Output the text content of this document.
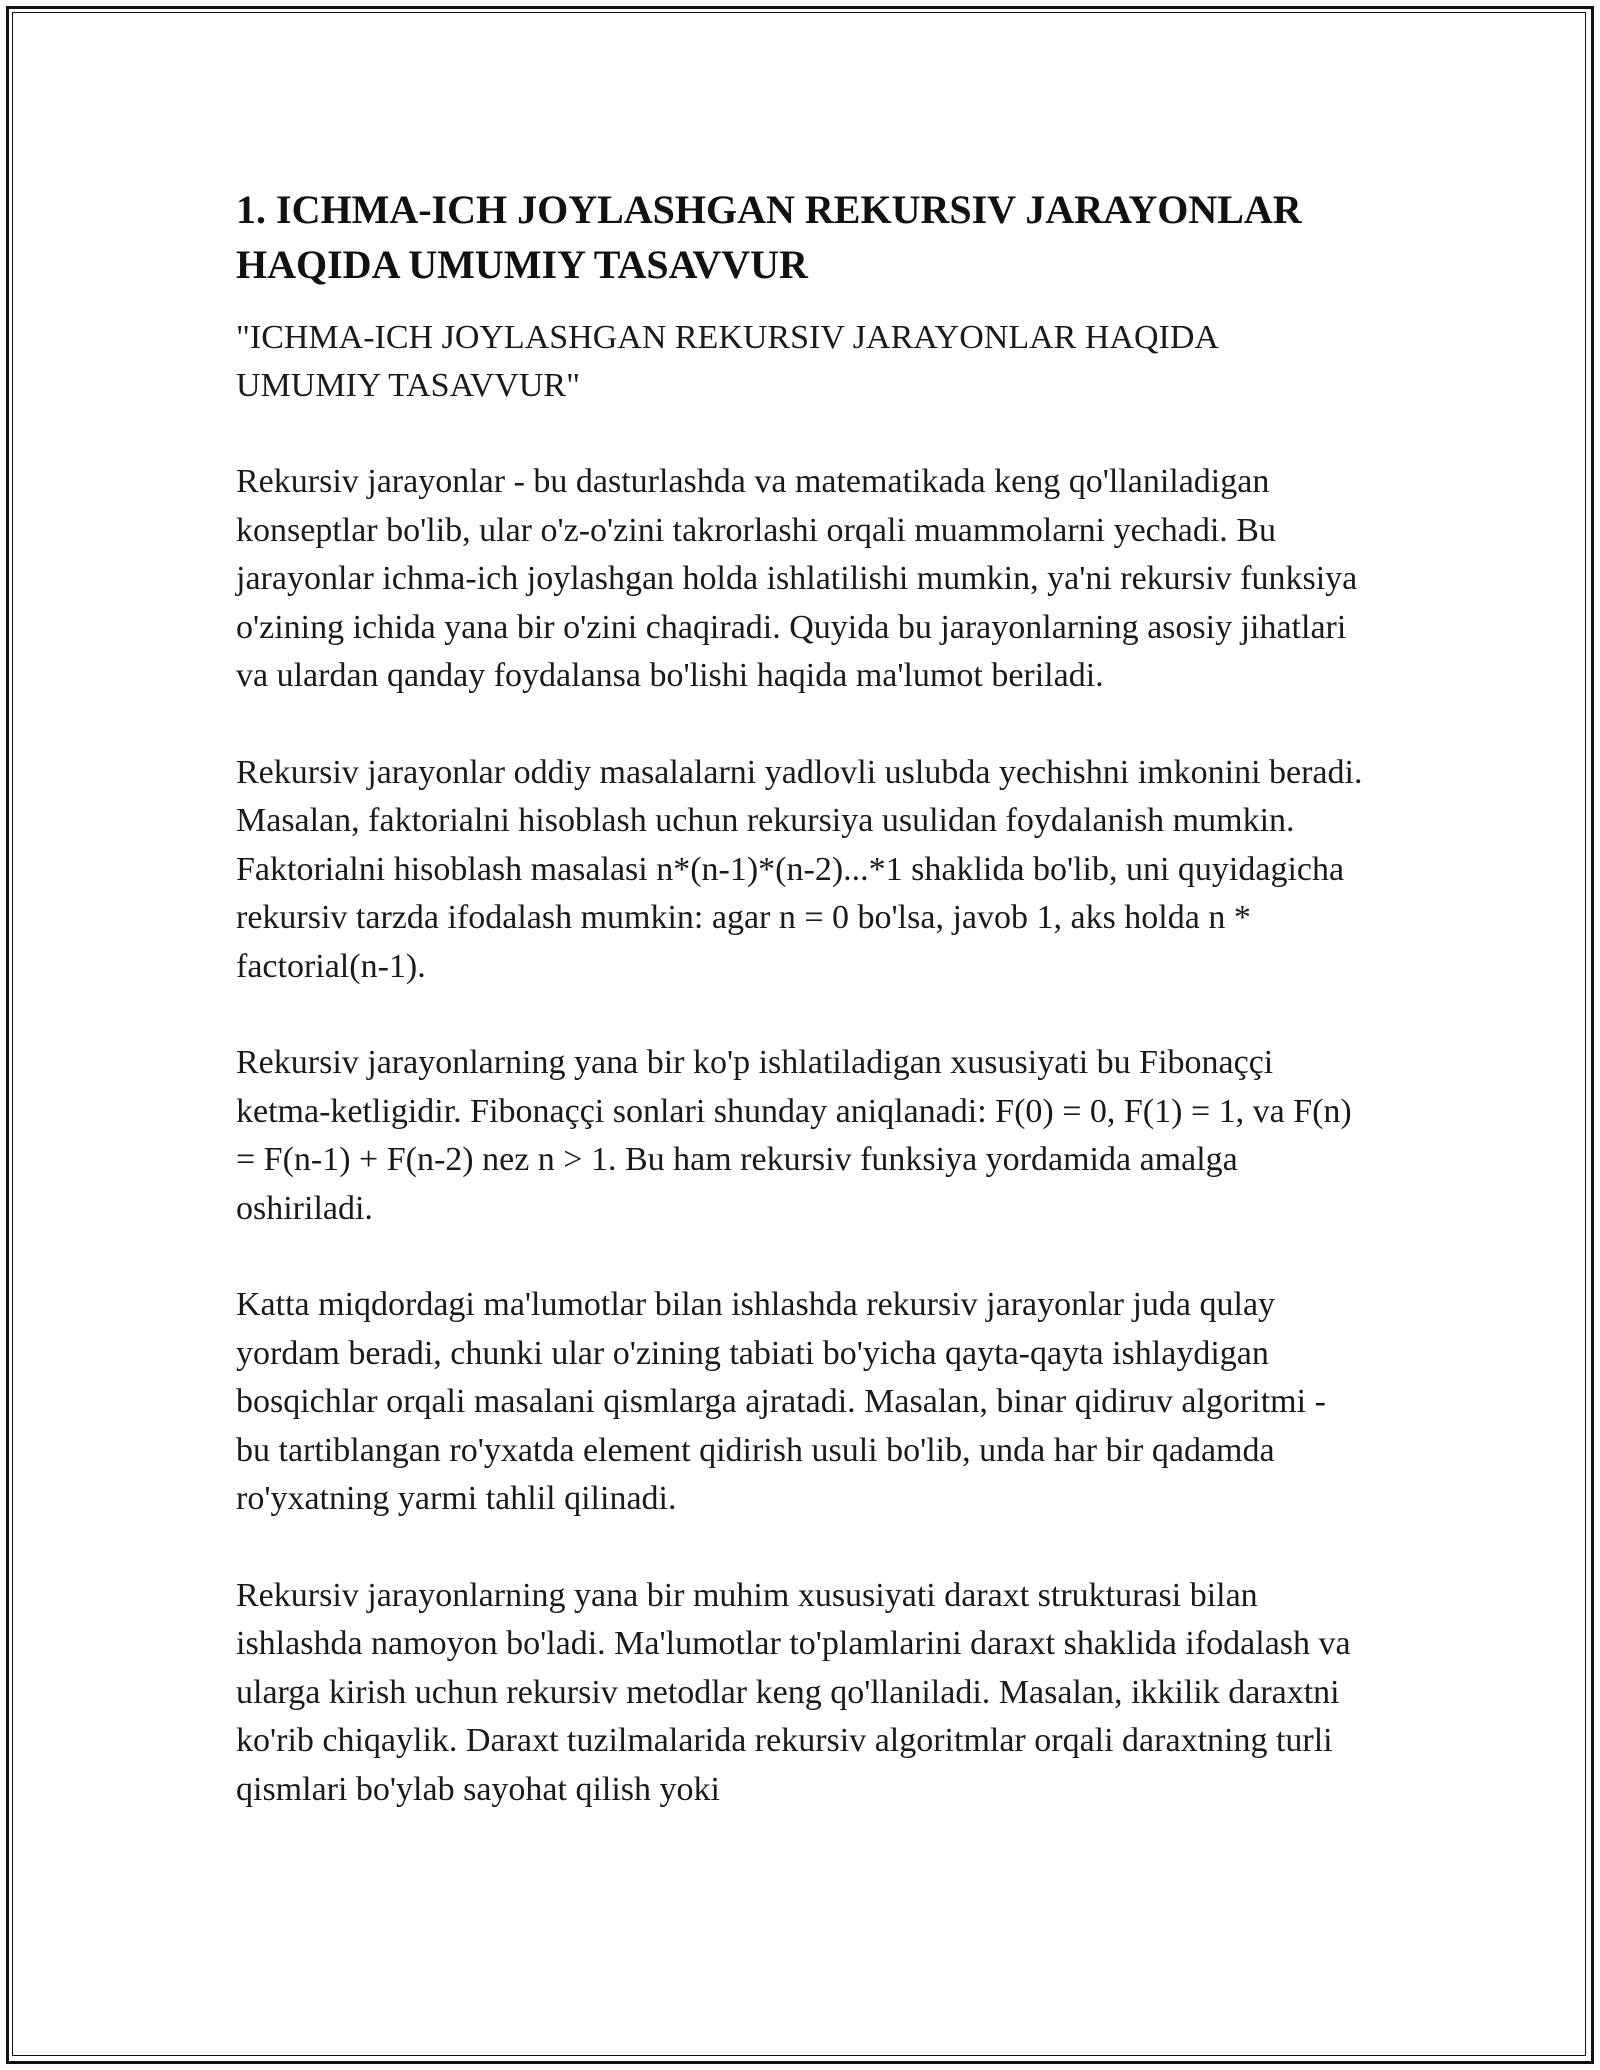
1. ICHMA-ICH JOYLASHGAN REKURSIV JARAYONLAR HAQIDA UMUMIY TASAVVUR

"ICHMA-ICH JOYLASHGAN REKURSIV JARAYONLAR HAQIDA UMUMIY TASAVVUR"

Rekursiv jarayonlar - bu dasturlashda va matematikada keng qo'llaniladigan konseptlar bo'lib, ular o'z-o'zini takrorlashi orqali muammolarni yechadi. Bu jarayonlar ichma-ich joylashgan holda ishlatilishi mumkin, ya'ni rekursiv funksiya o'zining ichida yana bir o'zini chaqiradi. Quyida bu jarayonlarning asosiy jihatlari va ulardan qanday foydalansa bo'lishi haqida ma'lumot beriladi.

Rekursiv jarayonlar oddiy masalalarni yadlovli uslubda yechishni imkonini beradi. Masalan, faktorialni hisoblash uchun rekursiya usulidan foydalanish mumkin. Faktorialni hisoblash masalasi n*(n-1)*(n-2)...*1 shaklida bo'lib, uni quyidagicha rekursiv tarzda ifodalash mumkin: agar n = 0 bo'lsa, javob 1, aks holda n * factorial(n-1).

Rekursiv jarayonlarning yana bir ko'p ishlatiladigan xususiyati bu Fibonaççi ketma-ketligidir. Fibonaççi sonlari shunday aniqlanadi: F(0) = 0, F(1) = 1, va F(n) = F(n-1) + F(n-2) nez n > 1. Bu ham rekursiv funksiya yordamida amalga oshiriladi.

Katta miqdordagi ma'lumotlar bilan ishlashda rekursiv jarayonlar juda qulay yordam beradi, chunki ular o'zining tabiati bo'yicha qayta-qayta ishlaydigan bosqichlar orqali masalani qismlarga ajratadi. Masalan, binar qidiruv algoritmi - bu tartiblangan ro'yxatda element qidirish usuli bo'lib, unda har bir qadamda ro'yxatning yarmi tahlil qilinadi.

Rekursiv jarayonlarning yana bir muhim xususiyati daraxt strukturasi bilan ishlashda namoyon bo'ladi. Ma'lumotlar to'plamlarini daraxt shaklida ifodalash va ularga kirish uchun rekursiv metodlar keng qo'llaniladi. Masalan, ikkilik daraxtni ko'rib chiqaylik. Daraxt tuzilmalarida rekursiv algoritmlar orqali daraxtning turli qismlari bo'ylab sayohat qilish yoki
